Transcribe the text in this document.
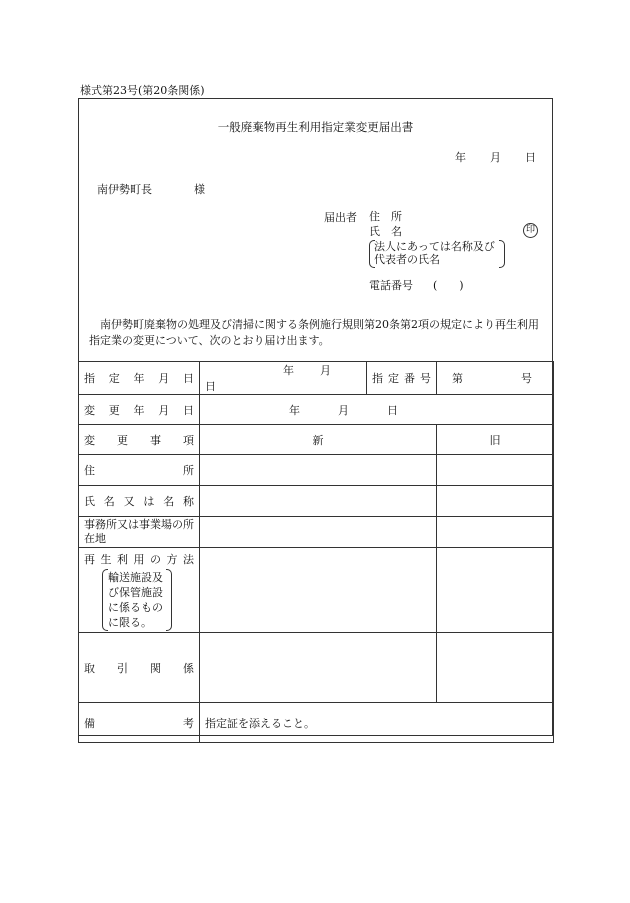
様式第23号(第20条関係)
一般廃棄物再生利用指定業変更届出書
年 月 日
南伊勢町長	様
届出者 住　所
氏　名	印
法人にあっては名称及び
代表者の氏名
電話番号 (　　)
南伊勢町廃棄物の処理及び清掃に関する条例施行規則第20条第2項の規定により再生利用指定業の変更について、次のとおり届け出ます。
指定年月日	年 月日	指定番号	第 号

変更年月日	年 月 日		

変更事項	新		旧

住所			

氏名又は名称			

事務所又は事業場の所在地			

再生利用の方法
輸送施設及び保管施設に係るものに限る。			

取引関係			

備考	指定証を添えること。		
